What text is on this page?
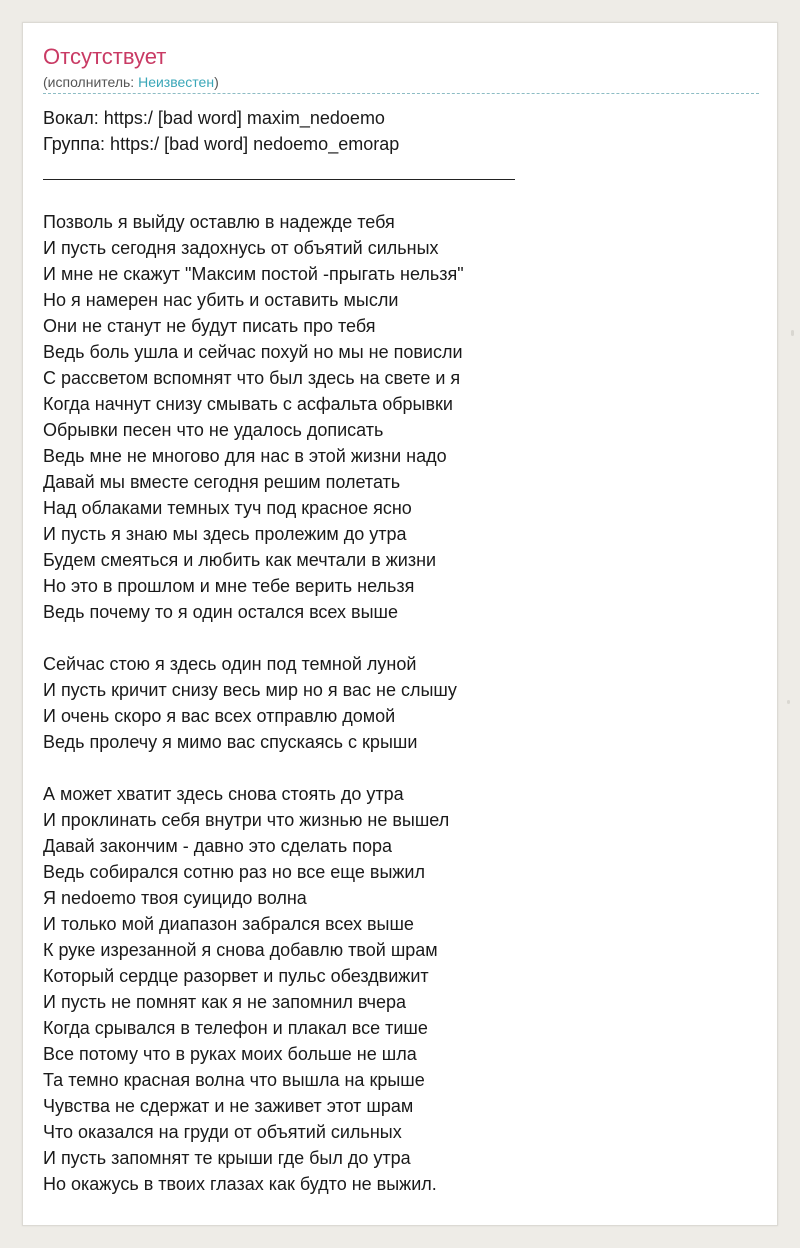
Отсутствует
(исполнитель: Неизвестен)
Вокал: https:/ [bad word] maxim_nedoemo
Группа: https:/ [bad word] nedoemo_emorap
Позволь я выйду оставлю в надежде тебя
И пусть сегодня задохнусь от объятий сильных
И мне не скажут "Максим постой -прыгать нельзя"
Но я намерен нас убить и оставить мысли
Они не станут не будут писать про тебя
Ведь боль ушла и сейчас похуй но мы не повисли
С рассветом вспомнят что был здесь на свете и я
Когда начнут снизу смывать с асфальта обрывки
Обрывки песен что не удалось дописать
Ведь мне не многово для нас в этой жизни надо
Давай мы вместе сегодня решим полетать
Над облаками темных туч под красное ясно
И пусть я знаю мы здесь пролежим до утра
Будем смеяться и любить как мечтали в жизни
Но это в прошлом и мне тебе верить нельзя
Ведь почему то я один остался всех выше
Сейчас стою я здесь один под темной луной
И пусть кричит снизу весь мир но я вас не слышу
И очень скоро я вас всех отправлю домой
Ведь пролечу я мимо вас спускаясь с крыши
А может хватит здесь снова стоять до утра
И проклинать себя внутри что жизнью не вышел
Давай закончим - давно это сделать пора
Ведь собирался сотню раз но все еще выжил
Я nedoemo твоя суицидо волна
И только мой диапазон забрался всех выше
К руке изрезанной я снова добавлю твой шрам
Который сердце разорвет и пульс обездвижит
И пусть не помнят как я не запомнил вчера
Когда срывался в телефон и плакал все тише
Все потому что в руках моих больше не шла
Та темно красная волна что вышла на крыше
Чувства не сдержат и не заживет этот шрам
Что оказался на груди от объятий сильных
И пусть запомнят те крыши где был до утра
Но окажусь в твоих глазах как будто не выжил.
